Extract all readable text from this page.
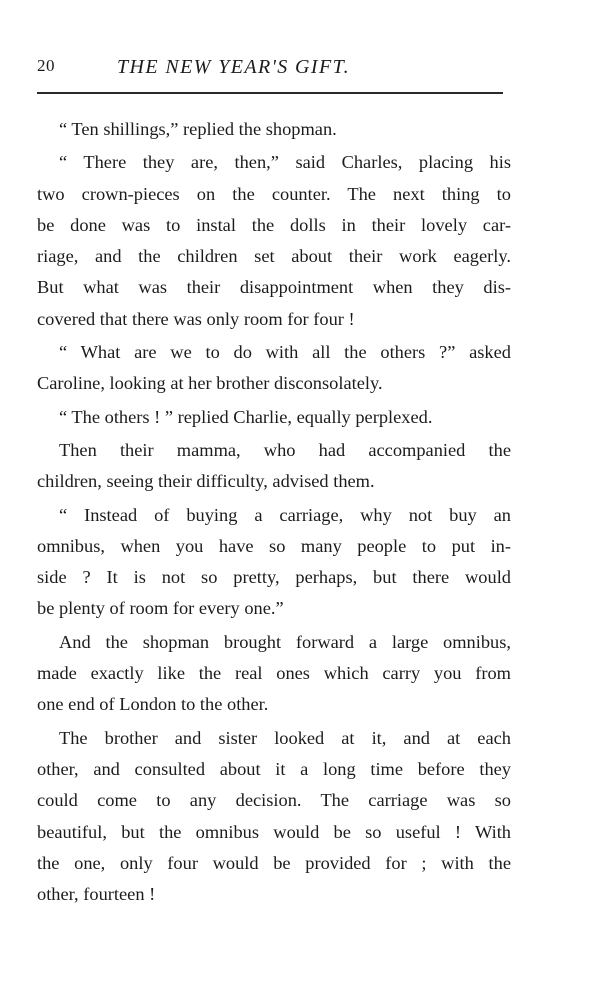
20	THE NEW YEAR'S GIFT.

“ Ten shillings,” replied the shopman.

“ There they are, then,” said Charles, placing his
two crown-pieces on the counter. The next thing to
be done was to instal the dolls in their lovely car-
riage, and the children set about their work eagerly.
But what was their disappointment when they dis-
covered that there was only room for four !

“ What are we to do with all the others ?” asked
Caroline, looking at her brother disconsolately.

“ The others ! ” replied Charlie, equally perplexed.

Then their mamma, who had accompanied the
children, seeing their difficulty, advised them.

“ Instead of buying a carriage, why not buy an
omnibus, when you have so many people to put in-
side ? It is not so pretty, perhaps, but there would
be plenty of room for every one.”

And the shopman brought forward a large omnibus,
made exactly like the real ones which carry you from
one end of London to the other.

The brother and sister looked at it, and at each
other, and consulted about it a long time before they
could come to any decision. The carriage was so
beautiful, but the omnibus would be so useful ! With
the one, only four would be provided for ; with the
other, fourteen !
